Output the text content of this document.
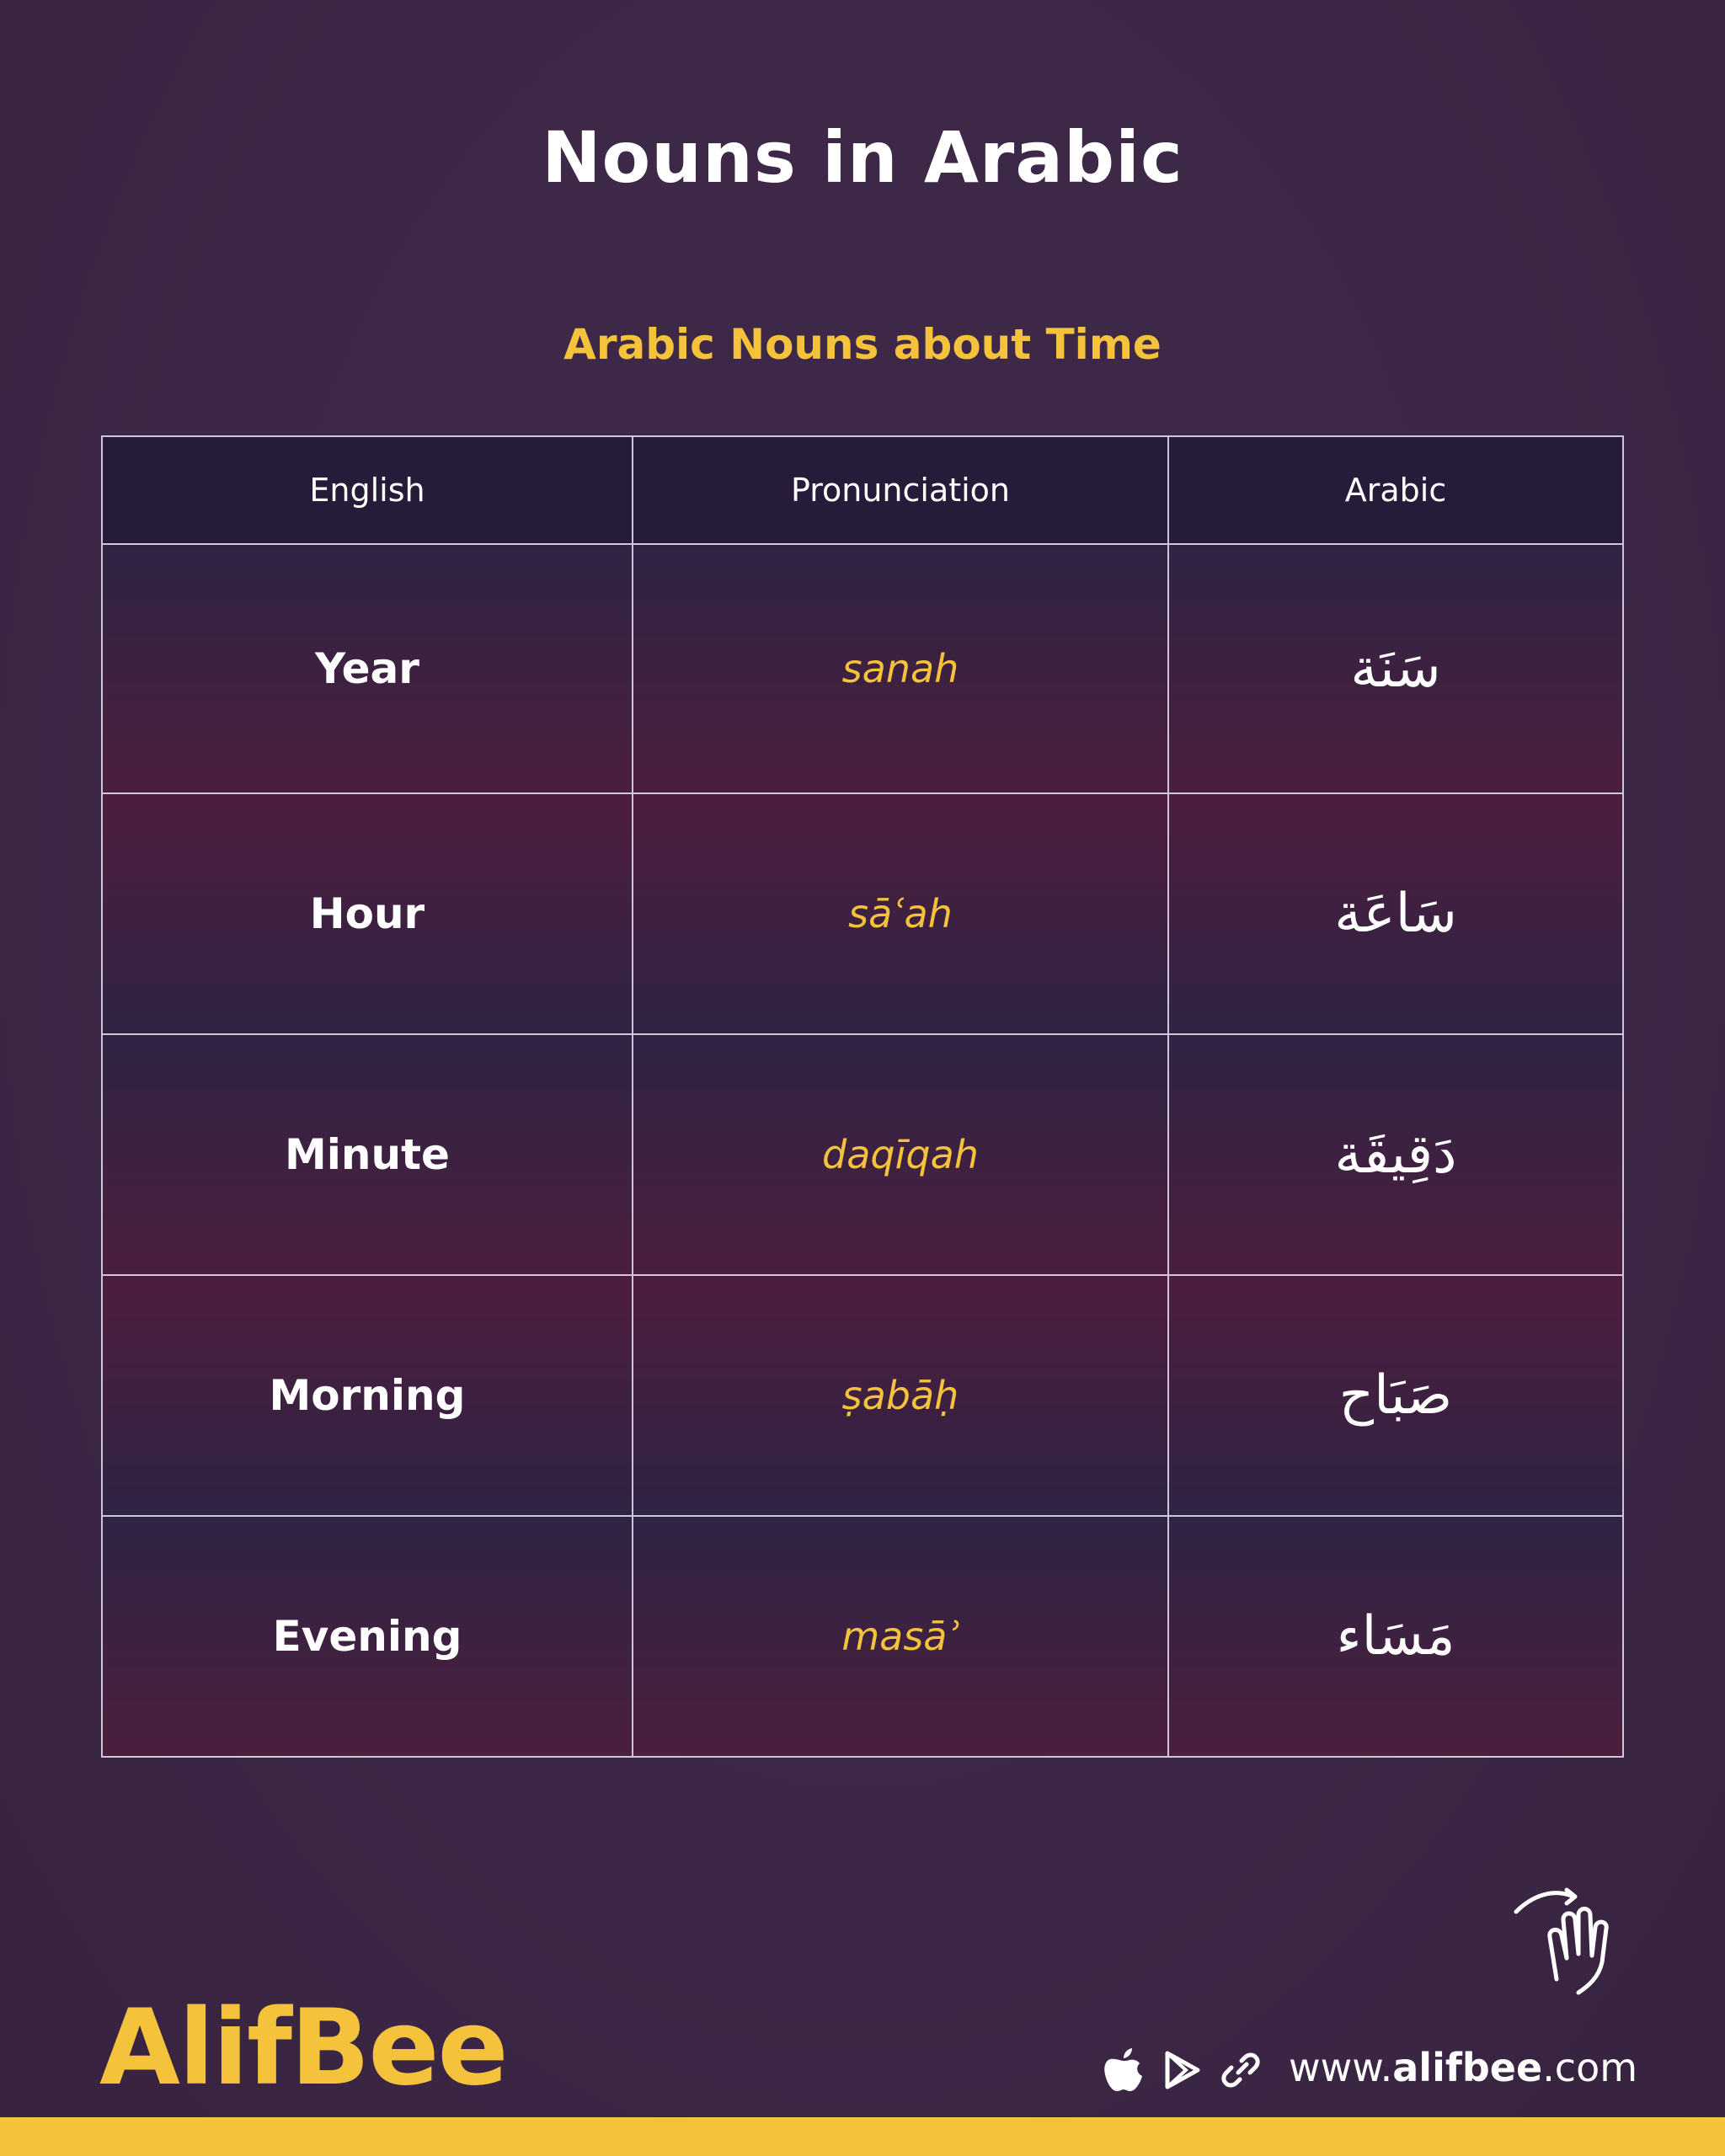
Nouns in Arabic
Arabic Nouns about Time
English	Pronunciation	Arabic
Year	sanah	سَنَة
Hour	sāʿah	سَاعَة
Minute	daqīqah	دَقِيقَة
Morning	ṣabāḥ	صَبَاح
Evening	masāʾ	مَسَاء
AlifBee	www.alifbee.com
